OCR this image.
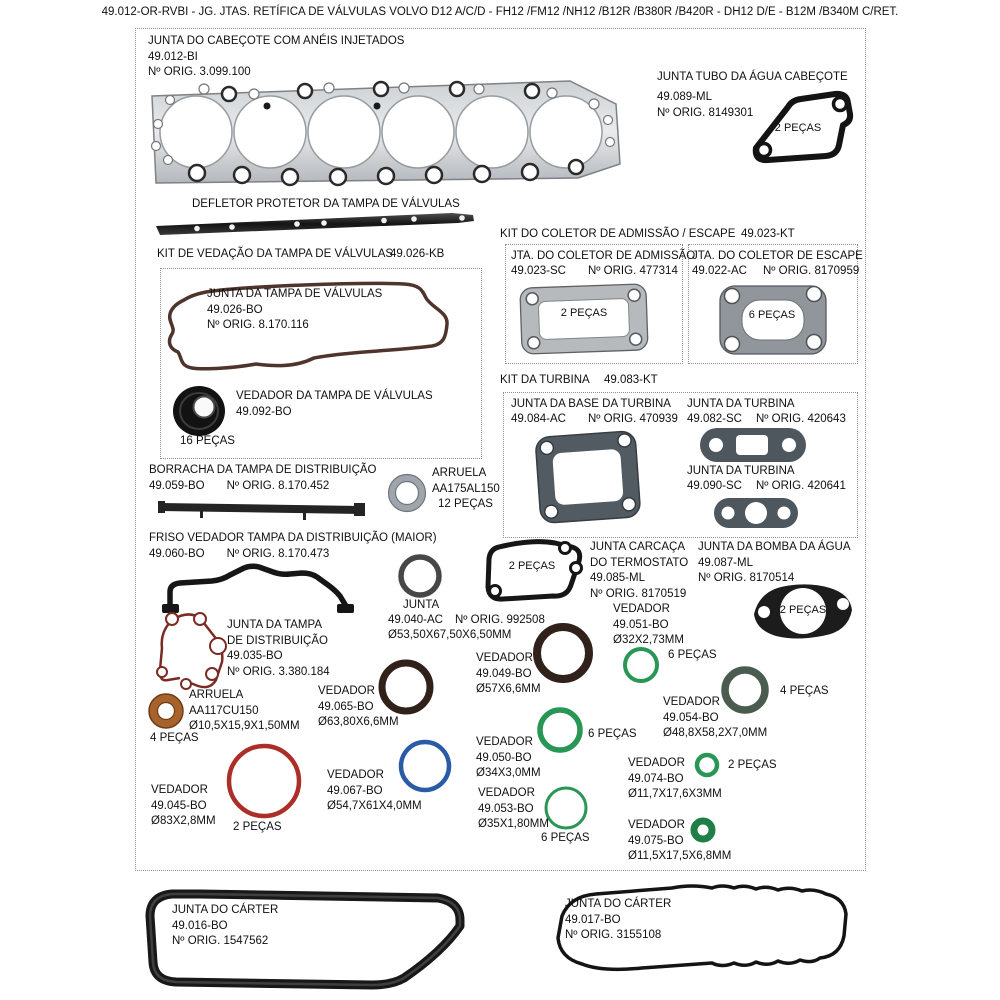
49.012-OR-RVBI - JG. JTAS. RETÍFICA DE VÁLVULAS VOLVO D12 A/C/D - FH12 /FM12 /NH12 /B12R /B380R /B420R - DH12 D/E - B12M /B340M C/RET.
JUNTA DO CABEÇOTE COM ANÉIS INJETADOS
49.012-BI
Nº ORIG. 3.099.100	JUNTA TUBO DA ÁGUA CABEÇOTE
49.089-ML
Nº ORIG. 8149301
2 PEÇAS
DEFLETOR PROTETOR DA TAMPA DE VÁLVULAS
KIT DE VEDAÇÃO DA TAMPA DE VÁLVULAS
49.026-KB
JUNTA DA TAMPA DE VÁLVULAS
49.026-BO
Nº ORIG. 8.170.116
16 PEÇAS
VEDADOR DA TAMPA DE VÁLVULAS
49.092-BO
KIT DO COLETOR DE ADMISSÃO / ESCAPE 49.023-KT
JTA. DO COLETOR DE ADMISSÃO
49.023-SC Nº ORIG. 477314
2 PEÇAS
JTA. DO COLETOR DE ESCAPE
49.022-AC Nº ORIG. 8170959
6 PEÇAS
KIT DA TURBINA 49.083-KT
JUNTA DA BASE DA TURBINA
49.084-AC Nº ORIG. 470939
JUNTA DA TURBINA
49.082-SC Nº ORIG. 420643
JUNTA DA TURBINA
49.090-SC Nº ORIG. 420641
BORRACHA DA TAMPA DE DISTRIBUIÇÃO
49.059-BO Nº ORIG. 8.170.452
ARRUELA
AA175AL150
12 PEÇAS
FRISO VEDADOR TAMPA DA DISTRIBUIÇÃO (MAIOR)
49.060-BO Nº ORIG. 8.170.473
JUNTA DA TAMPA
DE DISTRIBUIÇÃO
49.035-BO
Nº ORIG. 3.380.184
JUNTA
49.040-AC Nº ORIG. 992508
Ø53,50X67,50X6,50MM
2 PEÇAS
JUNTA CARCAÇA
DO TERMOSTATO
49.085-ML
Nº ORIG. 8170519
JUNTA DA BOMBA DA ÁGUA
49.087-ML
Nº ORIG. 8170514
2 PEÇAS
VEDADOR
49.051-BO
Ø32X2,73MM
6 PEÇAS
VEDADOR
49.049-BO
Ø57X6,6MM
VEDADOR
49.065-BO
Ø63,80X6,6MM
VEDADOR
49.050-BO
Ø34X3,0MM
6 PEÇAS
VEDADOR
49.054-BO
Ø48,8X58,2X7,0MM
4 PEÇAS
ARRUELA
AA117CU150
Ø10,5X15,9X1,50MM
4 PEÇAS
VEDADOR
49.045-BO
Ø83X2,8MM 2 PEÇAS
VEDADOR
49.067-BO
Ø54,7X61X4,0MM
VEDADOR
49.053-BO
Ø35X1,80MM
6 PEÇAS
VEDADOR
49.074-BO
Ø11,7X17,6X3MM
2 PEÇAS
VEDADOR
49.075-BO
Ø11,5X17,5X6,8MM
JUNTA DO CÁRTER
49.016-BO
Nº ORIG. 1547562
JUNTA DO CÁRTER
49.017-BO
Nº ORIG. 3155108
